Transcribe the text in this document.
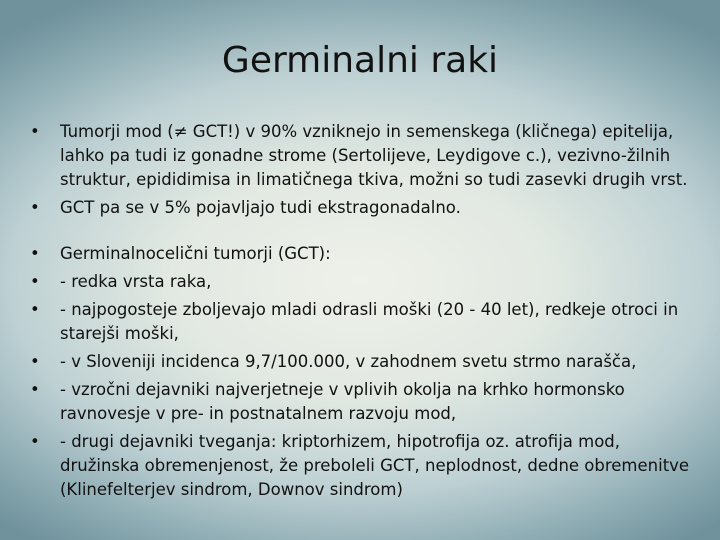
Germinalni raki
• Tumorji mod (≠ GCT!) v 90% vzniknejo in semenskega (kličnega) epitelija, lahko pa tudi iz gonadne strome (Sertolijeve, Leydigove c.), vezivno-žilnih struktur, epididimisa in limatičnega tkiva, možni so tudi zasevki drugih vrst.
• GCT pa se v 5% pojavljajo tudi ekstragonadalno.
• Germinalnocelični tumorji (GCT):
• - redka vrsta raka,
• - najpogosteje zboljevajo mladi odrasli moški (20 - 40 let), redkeje otroci in starejši moški,
• - v Sloveniji incidenca 9,7/100.000, v zahodnem svetu strmo narašča,
• - vzročni dejavniki najverjetneje v vplivih okolja na krhko hormonsko ravnovesje v pre- in postnatalnem razvoju mod,
• - drugi dejavniki tveganja: kriptorhizem, hipotrofija oz. atrofija mod, družinska obremenjenost, že preboleli GCT, neplodnost, dedne obremenitve (Klinefelterjev sindrom, Downov sindrom)
